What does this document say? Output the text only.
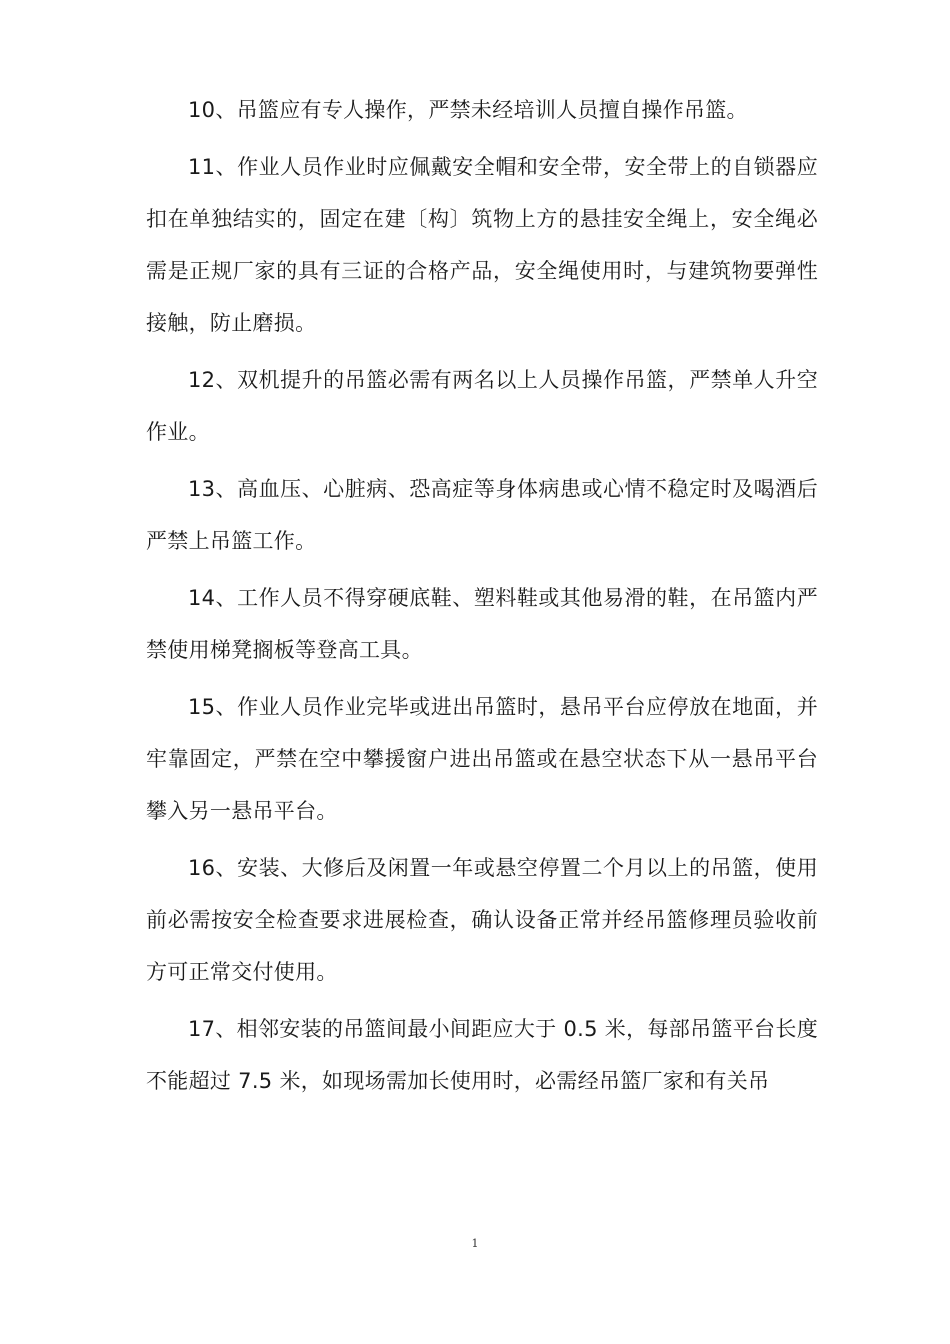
10、吊篮应有专人操作，严禁未经培训人员擅自操作吊篮。

11、作业人员作业时应佩戴安全帽和安全带，安全带上的自锁器应扣在单独结实的，固定在建〔构〕筑物上方的悬挂安全绳上，安全绳必需是正规厂家的具有三证的合格产品，安全绳使用时，与建筑物要弹性接触，防止磨损。

12、双机提升的吊篮必需有两名以上人员操作吊篮，严禁单人升空作业。

13、高血压、心脏病、恐高症等身体病患或心情不稳定时及喝酒后严禁上吊篮工作。

14、工作人员不得穿硬底鞋、塑料鞋或其他易滑的鞋，在吊篮内严禁使用梯凳搁板等登高工具。

15、作业人员作业完毕或进出吊篮时，悬吊平台应停放在地面，并牢靠固定，严禁在空中攀援窗户进出吊篮或在悬空状态下从一悬吊平台攀入另一悬吊平台。

16、安装、大修后及闲置一年或悬空停置二个月以上的吊篮，使用前必需按安全检查要求进展检查，确认设备正常并经吊篮修理员验收前方可正常交付使用。

17、相邻安装的吊篮间最小间距应大于 0.5 米，每部吊篮平台长度不能超过 7.5 米，如现场需加长使用时，必需经吊篮厂家和有关吊

1
